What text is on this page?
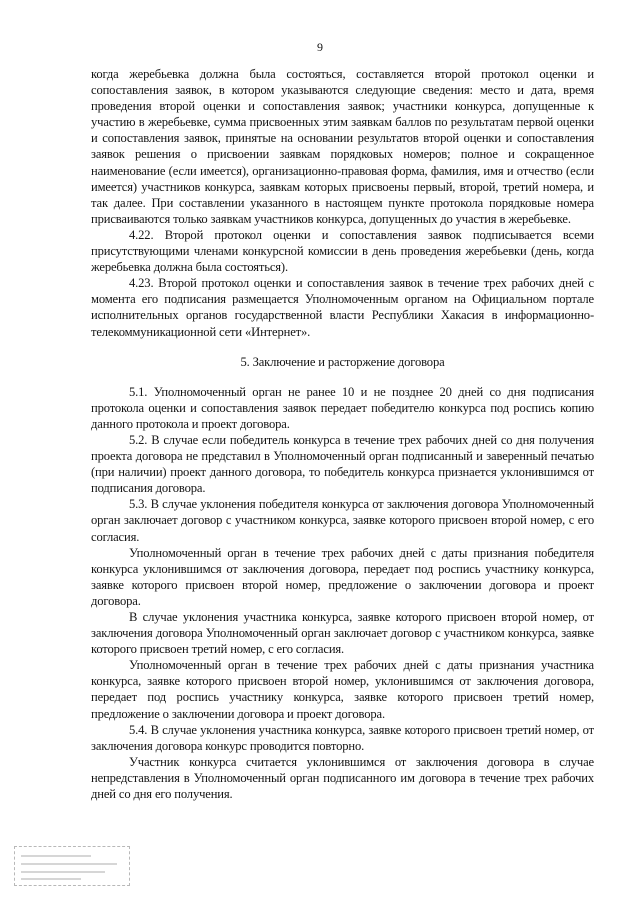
9

когда жеребьевка должна была состояться, составляется второй протокол оценки и сопоставления заявок, в котором указываются следующие сведения: место и дата, время проведения второй оценки и сопоставления заявок; участники конкурса, допущенные к участию в жеребьевке, сумма присвоенных этим заявкам баллов по результатам первой оценки и сопоставления заявок, принятые на основании результатов второй оценки и сопоставления заявок решения о присвоении заявкам порядковых номеров; полное и сокращенное наименование (если имеется), организационно-правовая форма, фамилия, имя и отчество (если имеется) участников конкурса, заявкам которых присвоены первый, второй, третий номера, и так далее. При составлении указанного в настоящем пункте протокола порядковые номера присваиваются только заявкам участников конкурса, допущенных до участия в жеребьевке.

4.22. Второй протокол оценки и сопоставления заявок подписывается всеми присутствующими членами конкурсной комиссии в день проведения жеребьевки (день, когда жеребьевка должна была состояться).

4.23. Второй протокол оценки и сопоставления заявок в течение трех рабочих дней с момента его подписания размещается Уполномоченным органом на Официальном портале исполнительных органов государственной власти Республики Хакасия в информационно-телекоммуникационной сети «Интернет».

5. Заключение и расторжение договора

5.1. Уполномоченный орган не ранее 10 и не позднее 20 дней со дня подписания протокола оценки и сопоставления заявок передает победителю конкурса под роспись копию данного протокола и проект договора.

5.2. В случае если победитель конкурса в течение трех рабочих дней со дня получения проекта договора не представил в Уполномоченный орган подписанный и заверенный печатью (при наличии) проект данного договора, то победитель конкурса признается уклонившимся от подписания договора.

5.3. В случае уклонения победителя конкурса от заключения договора Уполномоченный орган заключает договор с участником конкурса, заявке которого присвоен второй номер, с его согласия.

Уполномоченный орган в течение трех рабочих дней с даты признания победителя конкурса уклонившимся от заключения договора, передает под роспись участнику конкурса, заявке которого присвоен второй номер, предложение о заключении договора и проект договора.

В случае уклонения участника конкурса, заявке которого присвоен второй номер, от заключения договора Уполномоченный орган заключает договор с участником конкурса, заявке которого присвоен третий номер, с его согласия.

Уполномоченный орган в течение трех рабочих дней с даты признания участника конкурса, заявке которого присвоен второй номер, уклонившимся от заключения договора, передает под роспись участнику конкурса, заявке которого присвоен третий номер, предложение о заключении договора и проект договора.

5.4. В случае уклонения участника конкурса, заявке которого присвоен третий номер, от заключения договора конкурс проводится повторно.

Участник конкурса считается уклонившимся от заключения договора в случае непредставления в Уполномоченный орган подписанного им договора в течение трех рабочих дней со дня его получения.
